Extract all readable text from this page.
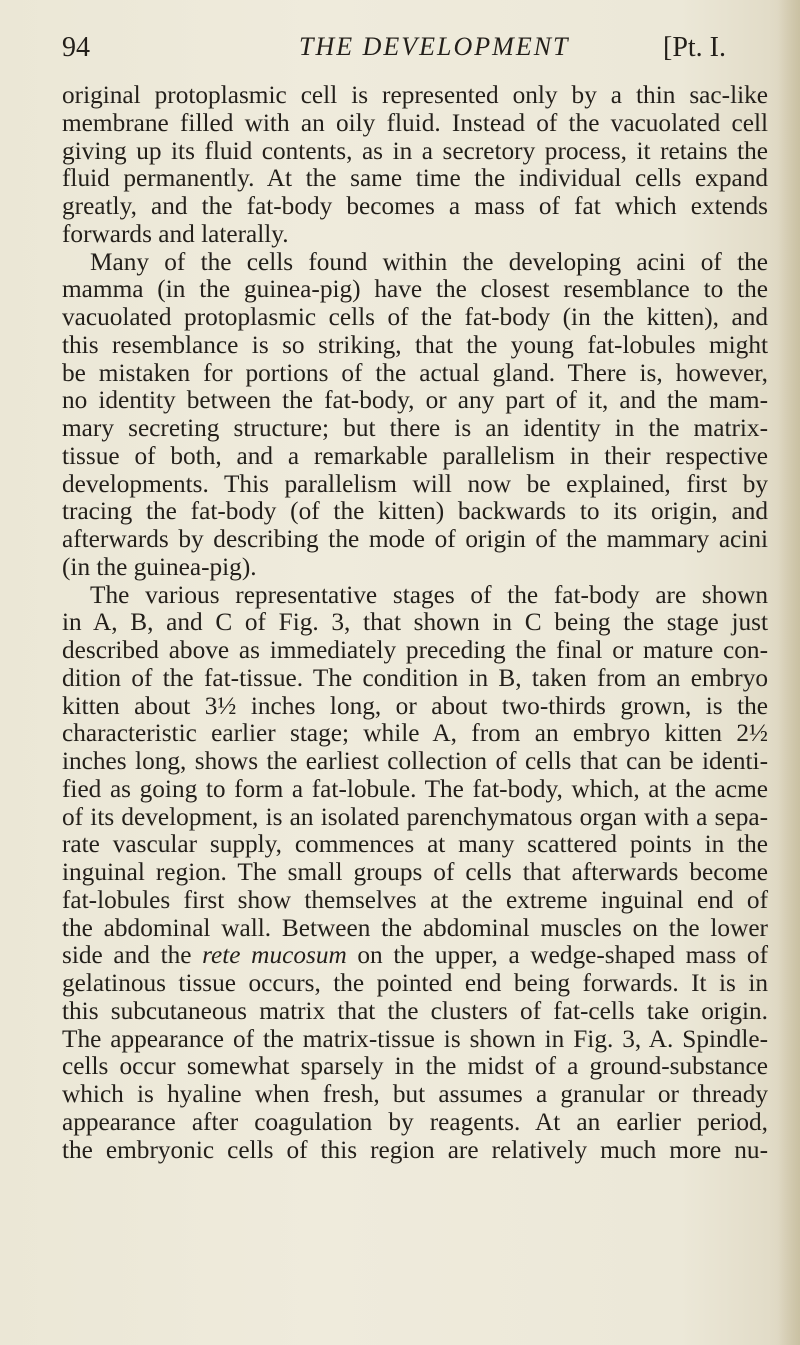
94	THE DEVELOPMENT	[Pt. I.
original protoplasmic cell is represented only by a thin sac-like
membrane filled with an oily fluid. Instead of the vacuolated cell
giving up its fluid contents, as in a secretory process, it retains the
fluid permanently. At the same time the individual cells expand
greatly, and the fat-body becomes a mass of fat which extends
forwards and laterally.
Many of the cells found within the developing acini of the
mamma (in the guinea-pig) have the closest resemblance to the
vacuolated protoplasmic cells of the fat-body (in the kitten), and
this resemblance is so striking, that the young fat-lobules might
be mistaken for portions of the actual gland. There is, however,
no identity between the fat-body, or any part of it, and the mam-
mary secreting structure; but there is an identity in the matrix-
tissue of both, and a remarkable parallelism in their respective
developments. This parallelism will now be explained, first by
tracing the fat-body (of the kitten) backwards to its origin, and
afterwards by describing the mode of origin of the mammary acini
(in the guinea-pig).
The various representative stages of the fat-body are shown
in A, B, and C of Fig. 3, that shown in C being the stage just
described above as immediately preceding the final or mature con-
dition of the fat-tissue. The condition in B, taken from an embryo
kitten about 3½ inches long, or about two-thirds grown, is the
characteristic earlier stage; while A, from an embryo kitten 2½
inches long, shows the earliest collection of cells that can be identi-
fied as going to form a fat-lobule. The fat-body, which, at the acme
of its development, is an isolated parenchymatous organ with a sepa-
rate vascular supply, commences at many scattered points in the
inguinal region. The small groups of cells that afterwards become
fat-lobules first show themselves at the extreme inguinal end of
the abdominal wall. Between the abdominal muscles on the lower
side and the rete mucosum on the upper, a wedge-shaped mass of
gelatinous tissue occurs, the pointed end being forwards. It is in
this subcutaneous matrix that the clusters of fat-cells take origin.
The appearance of the matrix-tissue is shown in Fig. 3, A. Spindle-
cells occur somewhat sparsely in the midst of a ground-substance
which is hyaline when fresh, but assumes a granular or thready
appearance after coagulation by reagents. At an earlier period,
the embryonic cells of this region are relatively much more nu-
